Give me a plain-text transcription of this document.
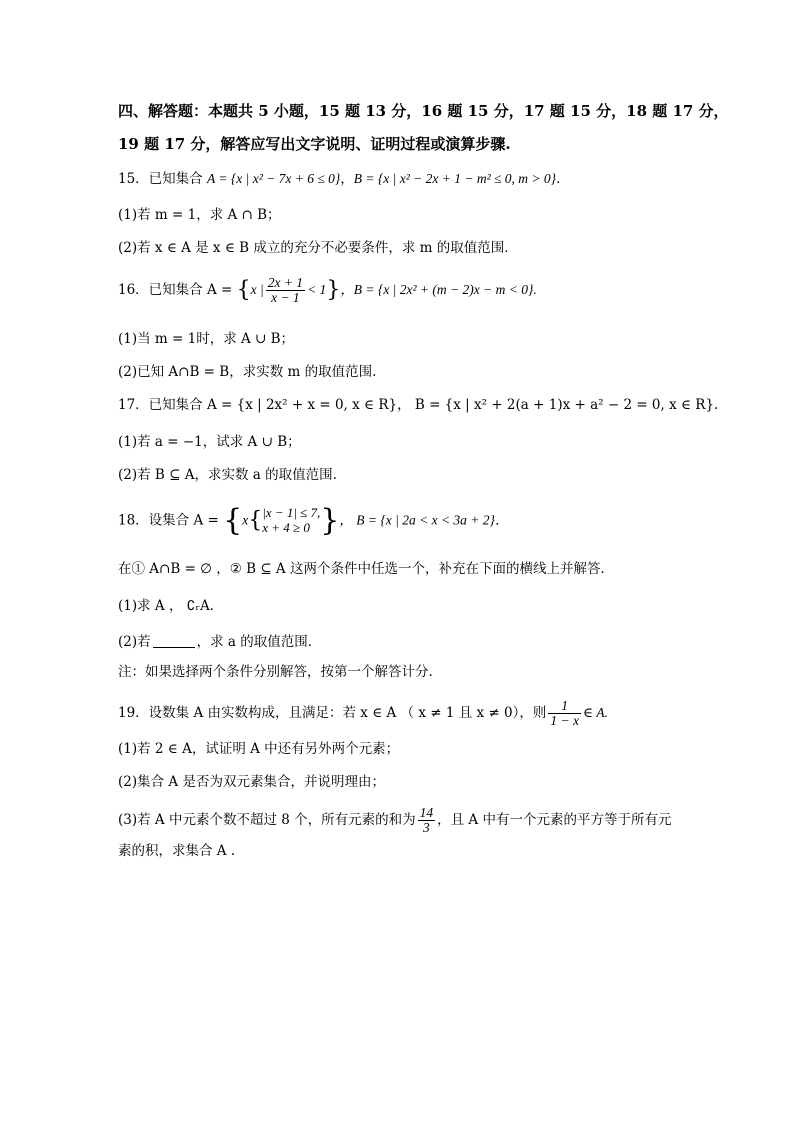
四、解答题：本题共 5 小题，15 题 13 分，16 题 15 分，17 题 15 分，18 题 17 分，
19 题 17 分，解答应写出文字说明、证明过程或演算步骤.
15．已知集合 A = {x | x² − 7x + 6 ≤ 0}，B = {x | x² − 2x + 1 − m² ≤ 0, m > 0}．
(1)若 m = 1，求 A ∩ B；
(2)若 x ∈ A 是 x ∈ B 成立的充分不必要条件，求 m 的取值范围．
16．已知集合 A = {x | $\frac{2x + 1}{x - 1} < 1$}，B = {x | 2x² + (m − 2)x − m < 0}.
(1)当 m = 1时，求 A ∪ B；
(2)已知 A∩B = B，求实数 m 的取值范围.
17．已知集合 A = {x | 2x² + x = 0, x ∈ R}， B = {x | x² + 2(a + 1)x + a² − 2 = 0, x ∈ R}.
(1)若 a = −1，试求 A ∪ B；
(2)若 B ⊆ A，求实数 a 的取值范围.
18．设集合 A = {x{ |x − 1| ≤ 7,
x + 4 ≥ 0 }， B = {x | 2a < x < 3a + 2}．
在① A∩B = ∅ ，② B ⊆ A 这两个条件中任选一个，补充在下面的横线上并解答．
(1)求 A ， ∁ᵣA．
(2)若	，求 a 的取值范围．
注：如果选择两个条件分别解答，按第一个解答计分．
19．设数集 A 由实数构成，且满足：若 x ∈ A （ x ≠ 1 且 x ≠ 0），则 $\frac{1}{1 - x}$ ∈ A.
(1)若 2 ∈ A，试证明 A 中还有另外两个元素；
(2)集合 A 是否为双元素集合，并说明理由；
(3)若 A 中元素个数不超过 8 个，所有元素的和为 $\frac{14}{3}$ ，且 A 中有一个元素的平方等于所有元
素的积，求集合 A .
